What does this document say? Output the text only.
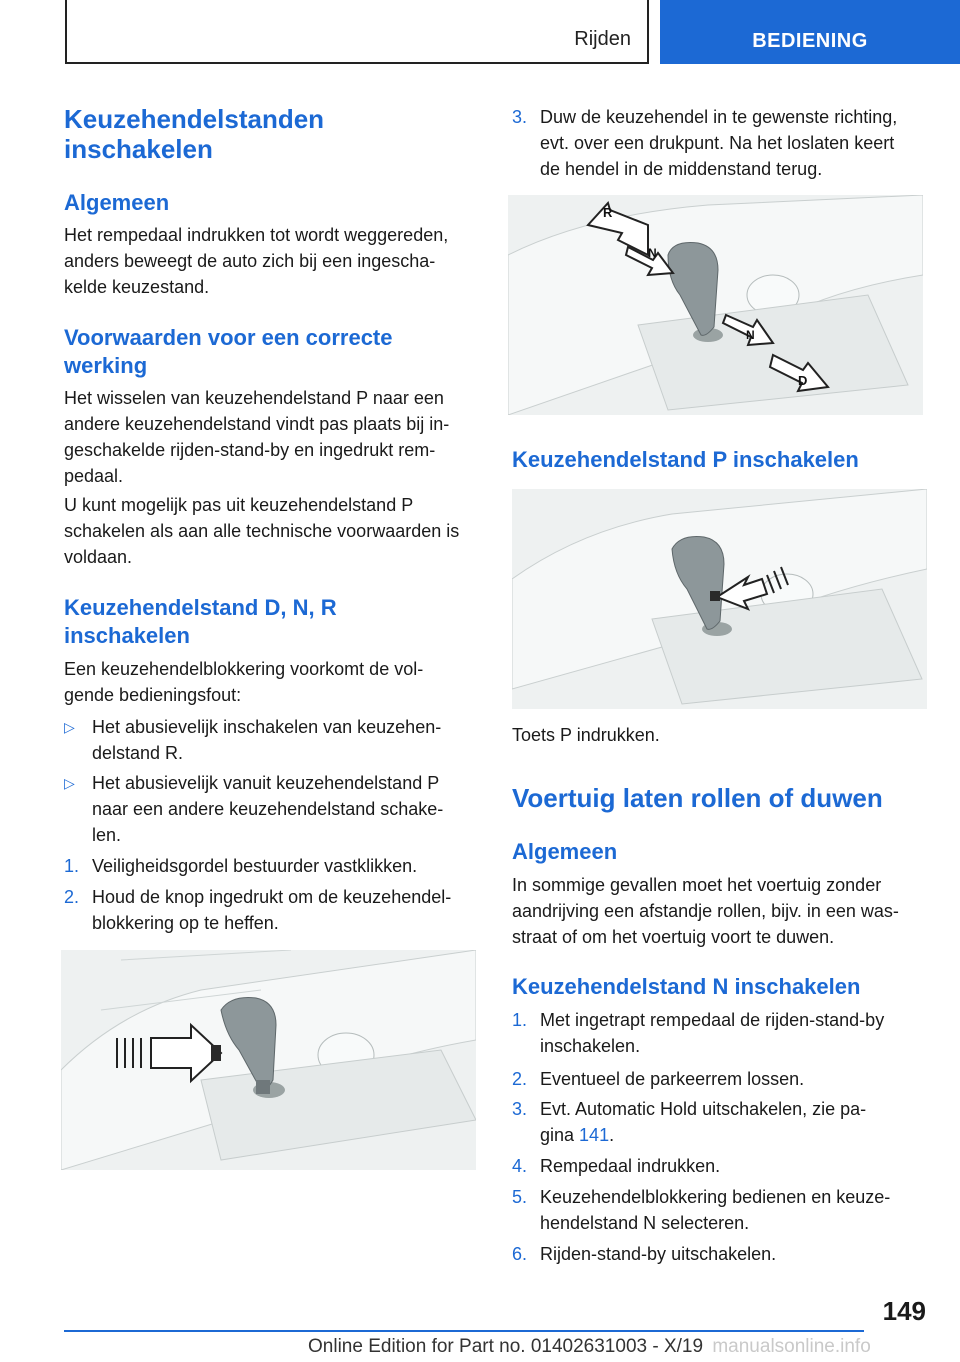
Rijden	BEDIENING
Keuzehendelstanden
inschakelen
Algemeen
Het rempedaal indrukken tot wordt weggereden,
anders beweegt de auto zich bij een ingescha-
kelde keuzestand.
Voorwaarden voor een correcte
werking
Het wisselen van keuzehendelstand P naar een
andere keuzehendelstand vindt pas plaats bij in-
geschakelde rijden-stand-by en ingedrukt rem-
pedaal.
U kunt mogelijk pas uit keuzehendelstand P
schakelen als aan alle technische voorwaarden is
voldaan.
Keuzehendelstand D, N, R
inschakelen
Een keuzehendelblokkering voorkomt de vol-
gende bedieningsfout:
▷ Het abusievelijk inschakelen van keuzehen-
delstand R.
▷ Het abusievelijk vanuit keuzehendelstand P
naar een andere keuzehendelstand schake-
len.
1. Veiligheidsgordel bestuurder vastklikken.
2. Houd de knop ingedrukt om de keuzehendel-
blokkering op te heffen.
3. Duw de keuzehendel in te gewenste richting,
evt. over een drukpunt. Na het loslaten keert
de hendel in de middenstand terug.
R
N
N
D
Keuzehendelstand P inschakelen
Toets P indrukken.
Voertuig laten rollen of duwen
Algemeen
In sommige gevallen moet het voertuig zonder
aandrijving een afstandje rollen, bijv. in een was-
straat of om het voertuig voort te duwen.
Keuzehendelstand N inschakelen
1. Met ingetrapt rempedaal de rijden-stand-by
inschakelen.
2. Eventueel de parkeerrem lossen.
3. Evt. Automatic Hold uitschakelen, zie pa-
gina 141.
4. Rempedaal indrukken.
5. Keuzehendelblokkering bedienen en keuze-
hendelstand N selecteren.
6. Rijden-stand-by uitschakelen.
149
Online Edition for Part no. 01402631003 - X/19 manualsonline.info
